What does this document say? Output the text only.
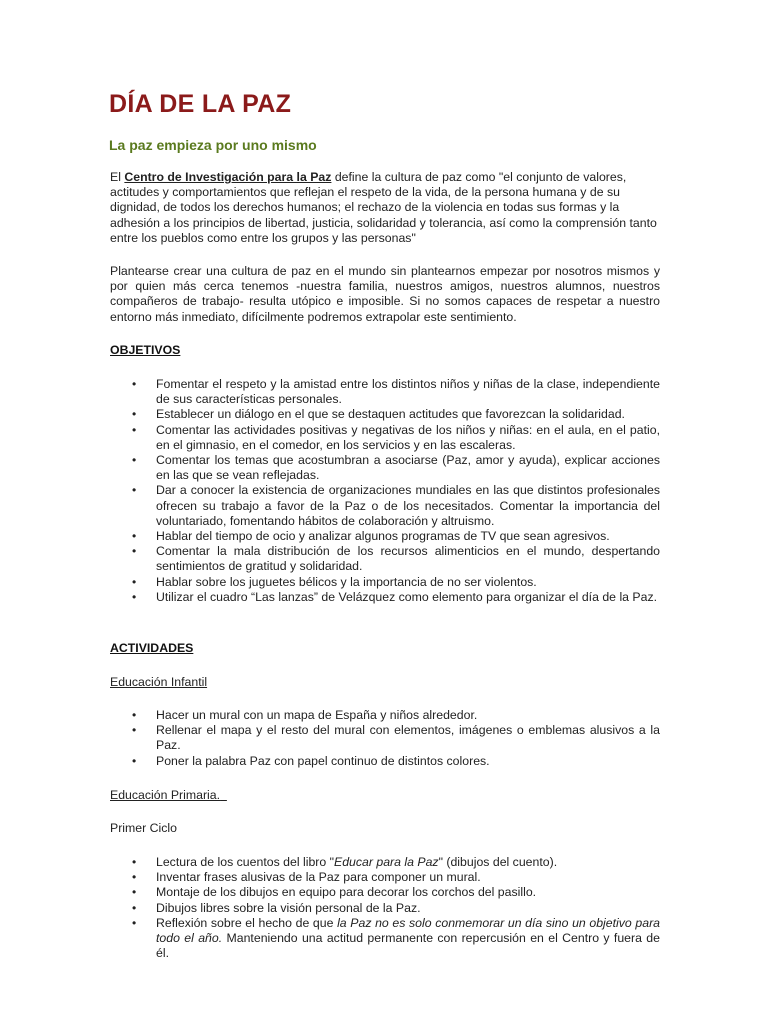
DÍA DE LA PAZ
La paz empieza por uno mismo

El Centro de Investigación para la Paz define la cultura de paz como "el conjunto de valores, actitudes y comportamientos que reflejan el respeto de la vida, de la persona humana y de su dignidad, de todos los derechos humanos; el rechazo de la violencia en todas sus formas y la adhesión a los principios de libertad, justicia, solidaridad y tolerancia, así como la comprensión tanto entre los pueblos como entre los grupos y las personas"

Plantearse crear una cultura de paz en el mundo sin plantearnos empezar por nosotros mismos y por quien más cerca tenemos -nuestra familia, nuestros amigos, nuestros alumnos, nuestros compañeros de trabajo- resulta utópico e imposible. Si no somos capaces de respetar a nuestro entorno más inmediato, difícilmente podremos extrapolar este sentimiento.

OBJETIVOS
• Fomentar el respeto y la amistad entre los distintos niños y niñas de la clase, independiente de sus características personales.
• Establecer un diálogo en el que se destaquen actitudes que favorezcan la solidaridad.
• Comentar las actividades positivas y negativas de los niños y niñas: en el aula, en el patio, en el gimnasio, en el comedor, en los servicios y en las escaleras.
• Comentar los temas que acostumbran a asociarse (Paz, amor y ayuda), explicar acciones en las que se vean reflejadas.
• Dar a conocer la existencia de organizaciones mundiales en las que distintos profesionales ofrecen su trabajo a favor de la Paz o de los necesitados. Comentar la importancia del voluntariado, fomentando hábitos de colaboración y altruismo.
• Hablar del tiempo de ocio y analizar algunos programas de TV que sean agresivos.
• Comentar la mala distribución de los recursos alimenticios en el mundo, despertando sentimientos de gratitud y solidaridad.
• Hablar sobre los juguetes bélicos y la importancia de no ser violentos.
• Utilizar el cuadro “Las lanzas” de Velázquez como elemento para organizar el día de la Paz.
ACTIVIDADES
Educación Infantil
• Hacer un mural con un mapa de España y niños alrededor.
• Rellenar el mapa y el resto del mural con elementos, imágenes o emblemas alusivos a la Paz.
• Poner la palabra Paz con papel continuo de distintos colores.
Educación Primaria.
Primer Ciclo
• Lectura de los cuentos del libro "Educar para la Paz" (dibujos del cuento).
• Inventar frases alusivas de la Paz para componer un mural.
• Montaje de los dibujos en equipo para decorar los corchos del pasillo.
• Dibujos libres sobre la visión personal de la Paz.
• Reflexión sobre el hecho de que la Paz no es solo conmemorar un día sino un objetivo para todo el año. Manteniendo una actitud permanente con repercusión en el Centro y fuera de él.
